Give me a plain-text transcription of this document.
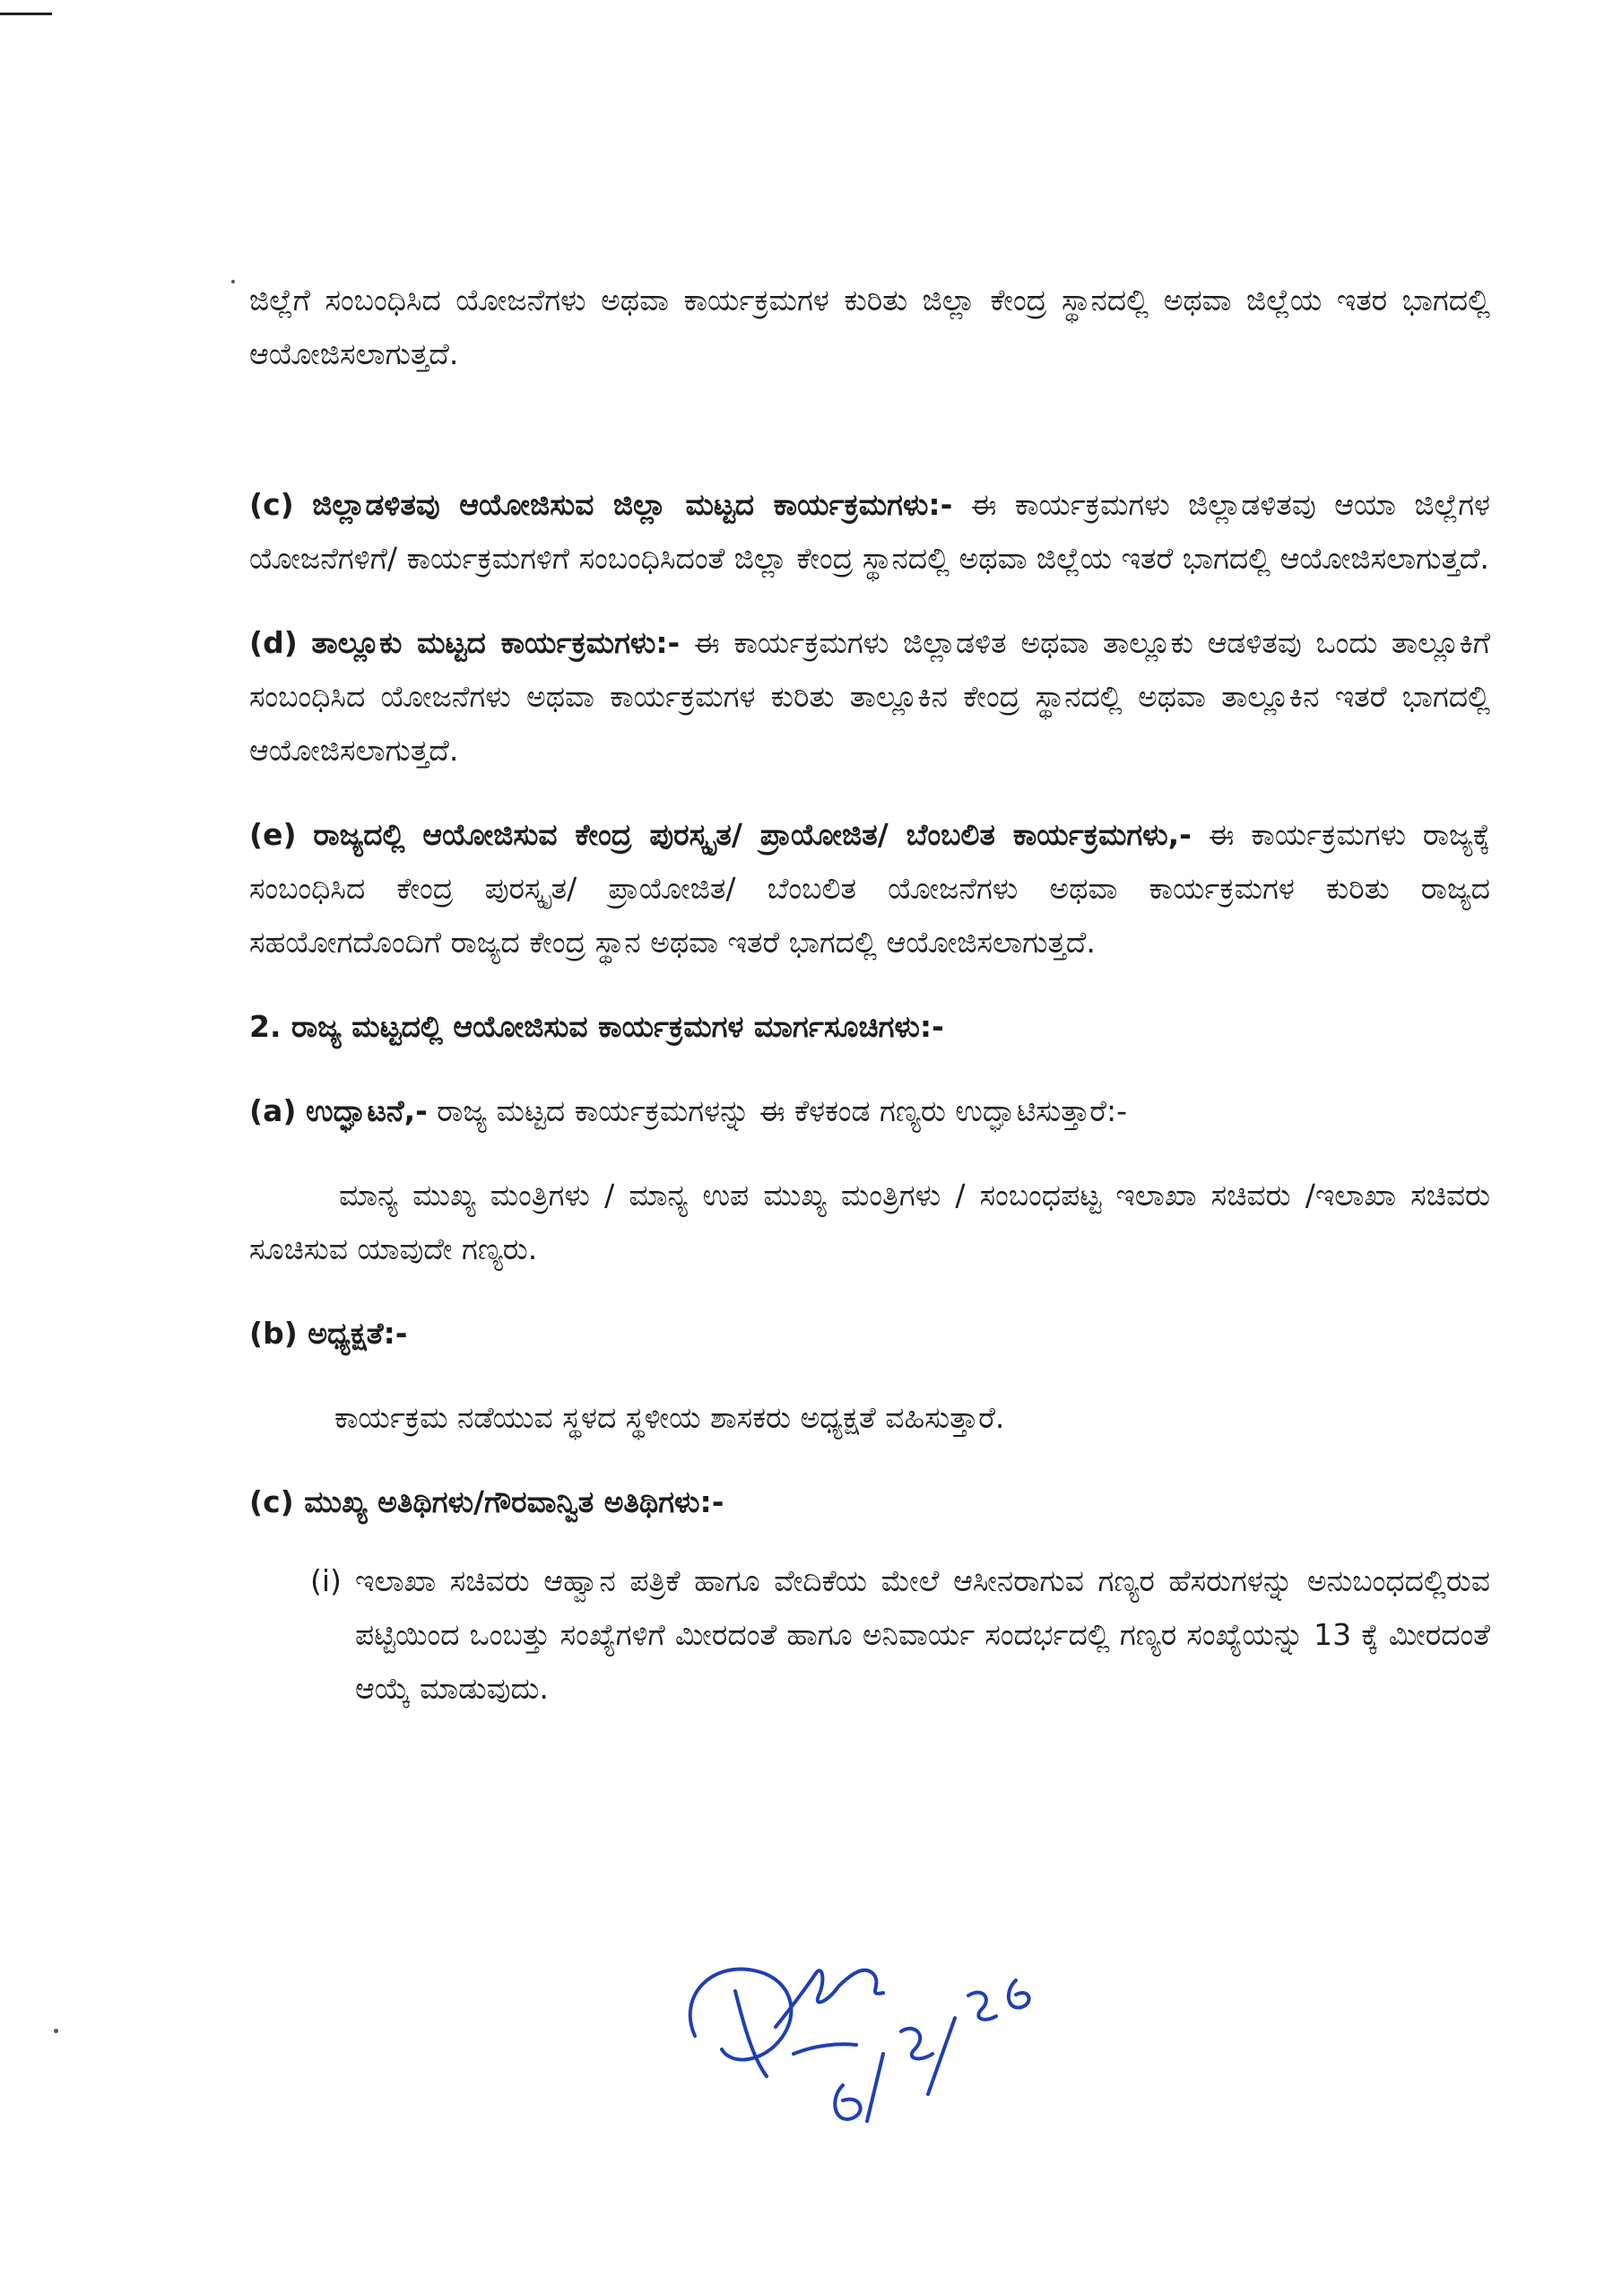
ಜಿಲ್ಲೆಗೆ ಸಂಬಂಧಿಸಿದ ಯೋಜನೆಗಳು ಅಥವಾ ಕಾರ್ಯಕ್ರಮಗಳ ಕುರಿತು ಜಿಲ್ಲಾ ಕೇಂದ್ರ ಸ್ಥಾನದಲ್ಲಿ ಅಥವಾ ಜಿಲ್ಲೆಯ ಇತರ ಭಾಗದಲ್ಲಿ ಆಯೋಜಿಸಲಾಗುತ್ತದೆ.

(c) ಜಿಲ್ಲಾಡಳಿತವು ಆಯೋಜಿಸುವ ಜಿಲ್ಲಾ ಮಟ್ಟದ ಕಾರ್ಯಕ್ರಮಗಳು:- ಈ ಕಾರ್ಯಕ್ರಮಗಳು ಜಿಲ್ಲಾಡಳಿತವು ಆಯಾ ಜಿಲ್ಲೆಗಳ ಯೋಜನೆಗಳಿಗೆ/ ಕಾರ್ಯಕ್ರಮಗಳಿಗೆ ಸಂಬಂಧಿಸಿದಂತೆ ಜಿಲ್ಲಾ ಕೇಂದ್ರ ಸ್ಥಾನದಲ್ಲಿ ಅಥವಾ ಜಿಲ್ಲೆಯ ಇತರೆ ಭಾಗದಲ್ಲಿ ಆಯೋಜಿಸಲಾಗುತ್ತದೆ.

(d) ತಾಲ್ಲೂಕು ಮಟ್ಟದ ಕಾರ್ಯಕ್ರಮಗಳು:- ಈ ಕಾರ್ಯಕ್ರಮಗಳು ಜಿಲ್ಲಾಡಳಿತ ಅಥವಾ ತಾಲ್ಲೂಕು ಆಡಳಿತವು ಒಂದು ತಾಲ್ಲೂಕಿಗೆ ಸಂಬಂಧಿಸಿದ ಯೋಜನೆಗಳು ಅಥವಾ ಕಾರ್ಯಕ್ರಮಗಳ ಕುರಿತು ತಾಲ್ಲೂಕಿನ ಕೇಂದ್ರ ಸ್ಥಾನದಲ್ಲಿ ಅಥವಾ ತಾಲ್ಲೂಕಿನ ಇತರೆ ಭಾಗದಲ್ಲಿ ಆಯೋಜಿಸಲಾಗುತ್ತದೆ.

(e) ರಾಜ್ಯದಲ್ಲಿ ಆಯೋಜಿಸುವ ಕೇಂದ್ರ ಪುರಸ್ಕೃತ/ ಪ್ರಾಯೋಜಿತ/ ಬೆಂಬಲಿತ ಕಾರ್ಯಕ್ರಮಗಳು,- ಈ ಕಾರ್ಯಕ್ರಮಗಳು ರಾಜ್ಯಕ್ಕೆ ಸಂಬಂಧಿಸಿದ ಕೇಂದ್ರ ಪುರಸ್ಕೃತ/ ಪ್ರಾಯೋಜಿತ/ ಬೆಂಬಲಿತ ಯೋಜನೆಗಳು ಅಥವಾ ಕಾರ್ಯಕ್ರಮಗಳ ಕುರಿತು ರಾಜ್ಯದ ಸಹಯೋಗದೊಂದಿಗೆ ರಾಜ್ಯದ ಕೇಂದ್ರ ಸ್ಥಾನ ಅಥವಾ ಇತರೆ ಭಾಗದಲ್ಲಿ ಆಯೋಜಿಸಲಾಗುತ್ತದೆ.

2. ರಾಜ್ಯ ಮಟ್ಟದಲ್ಲಿ ಆಯೋಜಿಸುವ ಕಾರ್ಯಕ್ರಮಗಳ ಮಾರ್ಗಸೂಚಿಗಳು:-

(a) ಉದ್ಘಾಟನೆ,- ರಾಜ್ಯ ಮಟ್ಟದ ಕಾರ್ಯಕ್ರಮಗಳನ್ನು ಈ ಕೆಳಕಂಡ ಗಣ್ಯರು ಉದ್ಘಾಟಿಸುತ್ತಾರೆ:-

ಮಾನ್ಯ ಮುಖ್ಯ ಮಂತ್ರಿಗಳು / ಮಾನ್ಯ ಉಪ ಮುಖ್ಯ ಮಂತ್ರಿಗಳು / ಸಂಬಂಧಪಟ್ಟ ಇಲಾಖಾ ಸಚಿವರು /ಇಲಾಖಾ ಸಚಿವರು ಸೂಚಿಸುವ ಯಾವುದೇ ಗಣ್ಯರು.

(b) ಅಧ್ಯಕ್ಷತೆ:-

ಕಾರ್ಯಕ್ರಮ ನಡೆಯುವ ಸ್ಥಳದ ಸ್ಥಳೀಯ ಶಾಸಕರು ಅಧ್ಯಕ್ಷತೆ ವಹಿಸುತ್ತಾರೆ.

(c) ಮುಖ್ಯ ಅತಿಥಿಗಳು/ಗೌರವಾನ್ವಿತ ಅತಿಥಿಗಳು:-

(i) ಇಲಾಖಾ ಸಚಿವರು ಆಹ್ವಾನ ಪತ್ರಿಕೆ ಹಾಗೂ ವೇದಿಕೆಯ ಮೇಲೆ ಆಸೀನರಾಗುವ ಗಣ್ಯರ ಹೆಸರುಗಳನ್ನು ಅನುಬಂಧದಲ್ಲಿರುವ ಪಟ್ಟಿಯಿಂದ ಒಂಬತ್ತು ಸಂಖ್ಯೆಗಳಿಗೆ ಮೀರದಂತೆ ಹಾಗೂ ಅನಿವಾರ್ಯ ಸಂದರ್ಭದಲ್ಲಿ ಗಣ್ಯರ ಸಂಖ್ಯೆಯನ್ನು 13 ಕ್ಕೆ ಮೀರದಂತೆ ಆಯ್ಕೆ ಮಾಡುವುದು.
